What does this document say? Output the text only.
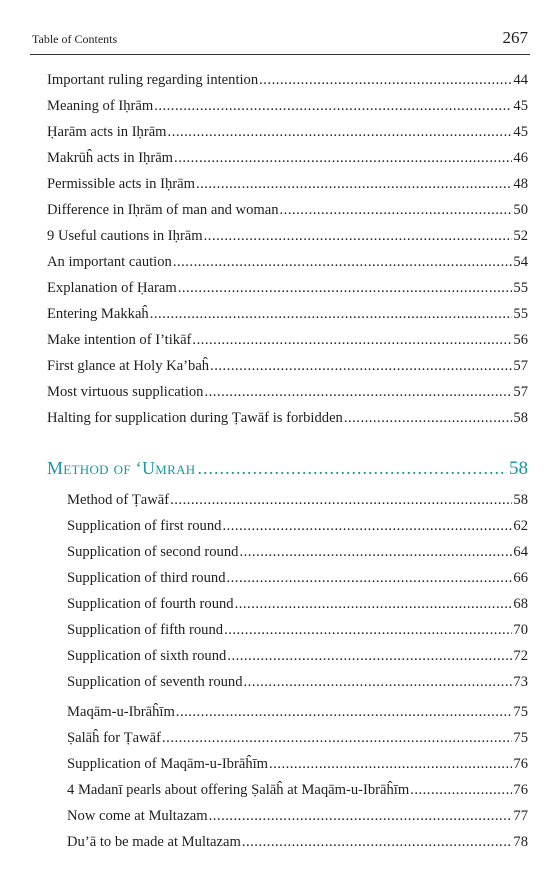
Table of Contents	267
Important ruling regarding intention .....	44
Meaning of Iḥrām .....	45
Ḥarām acts in Iḥrām .....	45
Makrūĥ acts in Iḥrām .....	46
Permissible acts in Iḥrām .....	48
Difference in Iḥrām of man and woman .....	50
9 Useful cautions in Iḥrām .....	52
An important caution .....	54
Explanation of Ḥaram .....	55
Entering Makkaĥ .....	55
Make intention of I’tikāf .....	56
First glance at Holy Ka’baĥ .....	57
Most virtuous supplication .....	57
Halting for supplication during Ṭawāf is forbidden .....	58
Method of ‘Umrah .....	58
Method of Ṭawāf .....	58
Supplication of first round .....	62
Supplication of second round .....	64
Supplication of third round .....	66
Supplication of fourth round .....	68
Supplication of fifth round .....	70
Supplication of sixth round .....	72
Supplication of seventh round .....	73
Maqām-u-Ibrāĥīm .....	75
Ṣalāĥ for Ṭawāf .....	75
Supplication of Maqām-u-Ibrāĥīm .....	76
4 Madanī pearls about offering Ṣalāĥ at Maqām-u-Ibrāĥīm .....	76
Now come at Multazam .....	77
Du’ā to be made at Multazam .....	78
